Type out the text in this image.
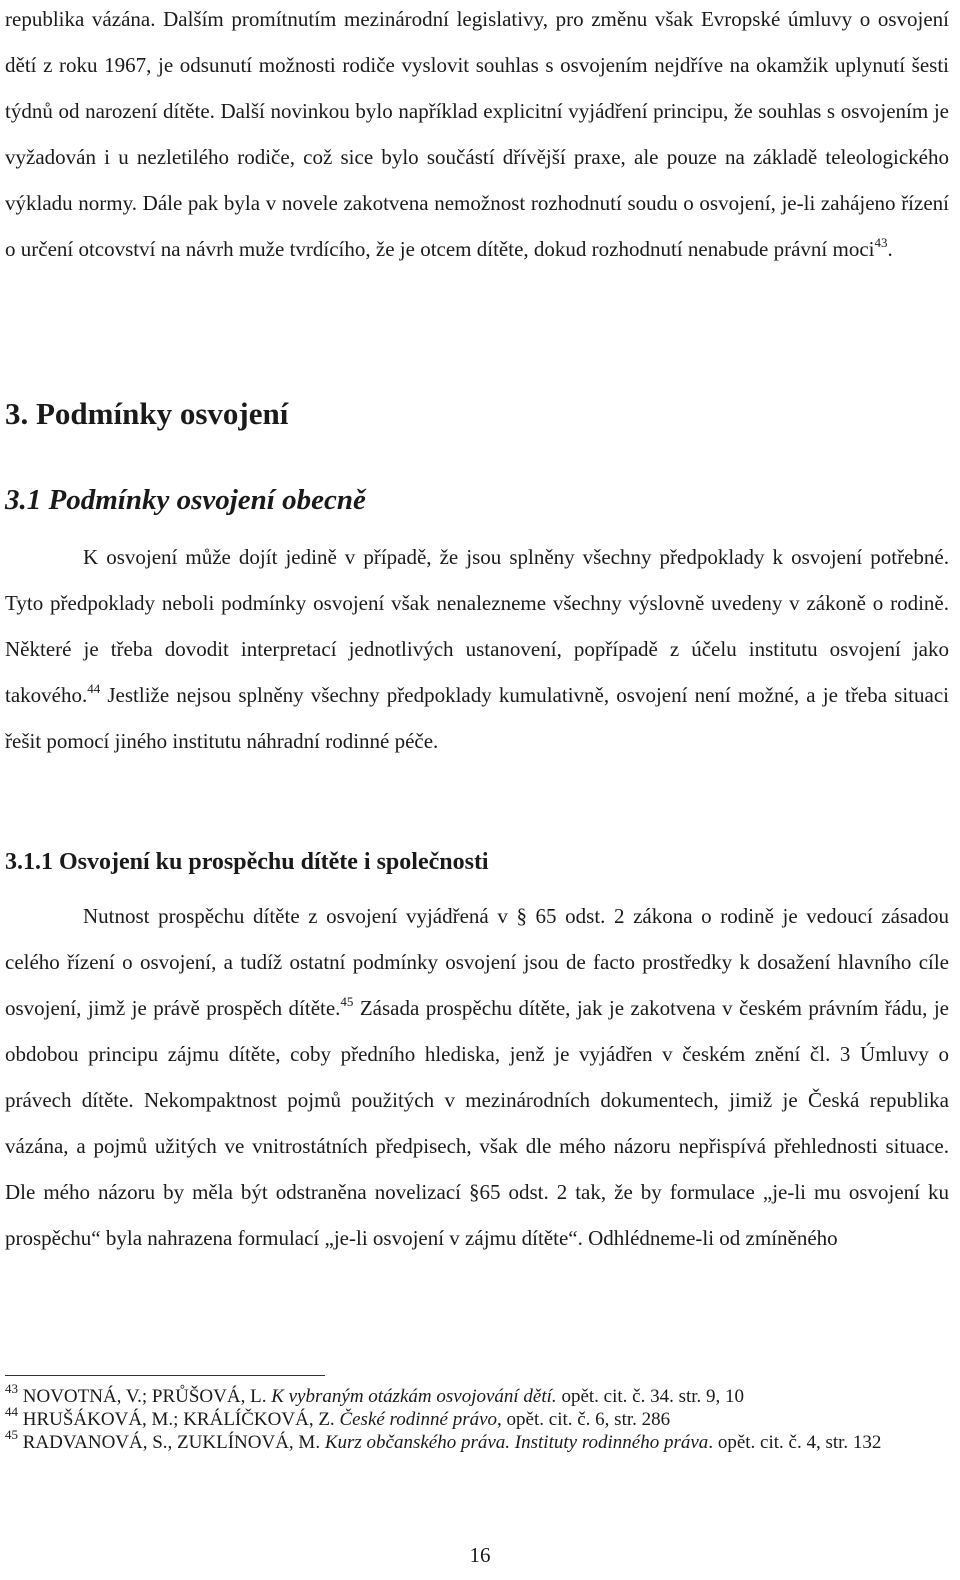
republika vázána. Dalším promítnutím mezinárodní legislativy, pro změnu však Evropské úmluvy o osvojení dětí z roku 1967, je odsunutí možnosti rodiče vyslovit souhlas s osvojením nejdříve na okamžik uplynutí šesti týdnů od narození dítěte. Další novinkou bylo například explicitní vyjádření principu, že souhlas s osvojením je vyžadován i u nezletilého rodiče, což sice bylo součástí dřívější praxe, ale pouze na základě teleologického výkladu normy. Dále pak byla v novele zakotvena nemožnost rozhodnutí soudu o osvojení, je-li zahájeno řízení o určení otcovství na návrh muže tvrdícího, že je otcem dítěte, dokud rozhodnutí nenabude právní moci$^{43}$.

3. Podmínky osvojení
3.1 Podmínky osvojení obecně

K osvojení může dojít jedině v případě, že jsou splněny všechny předpoklady k osvojení potřebné. Tyto předpoklady neboli podmínky osvojení však nenalezneme všechny výslovně uvedeny v zákoně o rodině. Některé je třeba dovodit interpretací jednotlivých ustanovení, popřípadě z účelu institutu osvojení jako takového.$^{44}$ Jestliže nejsou splněny všechny předpoklady kumulativně, osvojení není možné, a je třeba situaci řešit pomocí jiného institutu náhradní rodinné péče.

3.1.1 Osvojení ku prospěchu dítěte i společnosti

Nutnost prospěchu dítěte z osvojení vyjádřená v § 65 odst. 2 zákona o rodině je vedoucí zásadou celého řízení o osvojení, a tudíž ostatní podmínky osvojení jsou de facto prostředky k dosažení hlavního cíle osvojení, jimž je právě prospěch dítěte.$^{45}$ Zásada prospěchu dítěte, jak je zakotvena v českém právním řádu, je obdobou principu zájmu dítěte, coby předního hlediska, jenž je vyjádřen v českém znění čl. 3 Úmluvy o právech dítěte. Nekompaktnost pojmů použitých v mezinárodních dokumentech, jimiž je Česká republika vázána, a pojmů užitých ve vnitrostátních předpisech, však dle mého názoru nepřispívá přehlednosti situace. Dle mého názoru by měla být odstraněna novelizací §65 odst. 2 tak, že by formulace „je-li mu osvojení ku prospěchu“ byla nahrazena formulací „je-li osvojení v zájmu dítěte“. Odhlédneme-li od zmíněného

$^{43}$ NOVOTNÁ, V.; PRŮŠOVÁ, L. K vybraným otázkám osvojování dětí. opět. cit. č. 34. str. 9, 10

$^{44}$ HRUŠÁKOVÁ, M.; KRÁLÍČKOVÁ, Z. České rodinné právo, opět. cit. č. 6, str. 286

$^{45}$ RADVANOVÁ, S., ZUKLÍNOVÁ, M. Kurz občanského práva. Instituty rodinného práva. opět. cit. č. 4, str. 132

16
